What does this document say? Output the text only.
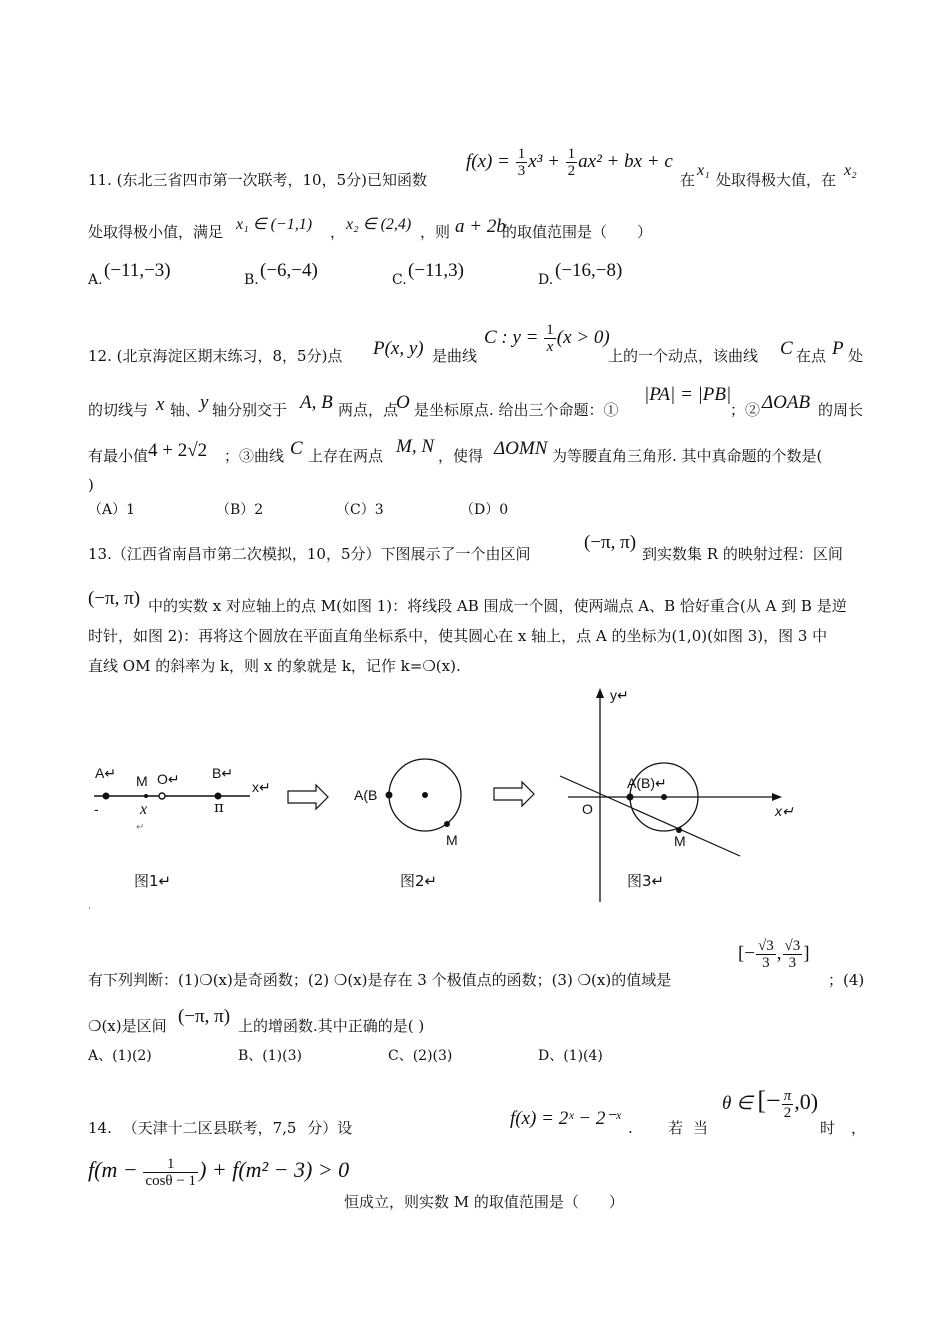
11. (东北三省四市第一次联考，10，5分)已知函数
$f(x) = \frac{1}{3} x^3 + \frac{1}{2} ax^2$ + bx + c
在
x₁
处取得极大值，在
x₂
处取得极小值，满足 x₁ ∈ (−1,1) ， x₂ ∈ (2,4) ，则 a + 2b
的取值范围是（　　）
A. (−11,−3)	B. (−6,−4)	C. (−11,3)	D. (−16,−8)
12. (北京海淀区期末练习，8，5分)点 P(x, y) 是曲线
C : $y = \frac{1}{x} (x > 0)$
上的一个动点，该曲线 C 在点 P 处
的切线与 x 轴、 y 轴分别交于 A, B 两点，点
O 是坐标原点. 给出三个命题：①
|PA| = |PB|
；② ΔOAB 的周长
有最小值 4 + 2√2 ；③曲线 C 上存在两点 M, N ，使得 ΔOMN 为等腰直角三角形. 其中真命题的个数是(
)
（A）1	（B）2	（C）3	（D）0
13.（江西省南昌市第二次模拟，10，5分）下图展示了一个由区间
(−π, π)
到实数集 R 的映射过程：区间
(−π, π) 中的实数 x 对应轴上的点 M(如图 1)：将线段 AB 围成一个圆，使两端点 A、B 恰好重合(从 A 到 B 是逆
时针，如图 2)：再将这个圆放在平面直角坐标系中，使其圆心在 x 轴上，点 A 的坐标为(1,0)(如图 3)，图 3 中
直线 OM 的斜率为 k，则 x 的象就是 k，记作 k=❍(x).
A↵ M O↵ B↵
x↵
-	x	π
↵
图1↵
A(B
M
图2↵
y↵
A(B)↵
O	x↵
M
图3↵
'
有下列判断：(1)❍(x)是奇函数；(2) ❍(x)是存在 3 个极值点的函数；(3) ❍(x)的值域是
[− $\frac{√3}{3}$ , $\frac{√3}{3}$ ]
；(4)
❍(x)是区间 (−π, π) 上的增函数.其中正确的是( )
A、(1)(2)	B、(1)(3)	C、(2)(3)	D、(1)(4)
14. （天津十二区县联考，7,5 分）设	f(x) = 2ˣ − 2⁻ˣ . 若当
θ ∈ [− $\frac{\pi}{2} ,0$)
时，
$f(m - \frac{1}{\cos\theta - 1}$ ) + f(m² − 3) > 0
恒成立，则实数 M 的取值范围是（　　）
